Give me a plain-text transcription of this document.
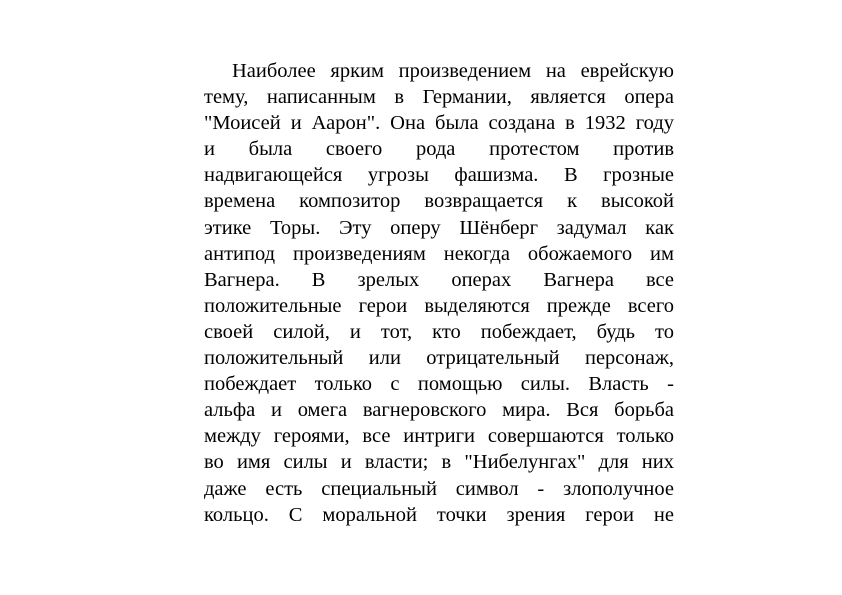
Наиболее ярким произведением на еврейскую
тему, написанным в Германии, является опера
"Моисей и Аарон". Она была создана в 1932 году
и была своего рода протестом против
надвигающейся угрозы фашизма. В грозные
времена композитор возвращается к высокой
этике Торы. Эту оперу Шёнберг задумал как
антипод произведениям некогда обожаемого им
Вагнера. В зрелых операх Вагнера все
положительные герои выделяются прежде всего
своей силой, и тот, кто побеждает, будь то
положительный или отрицательный персонаж,
побеждает только с помощью силы. Власть -
альфа и омега вагнеровского мира. Вся борьба
между героями, все интриги совершаются только
во имя силы и власти; в "Нибелунгах" для них
даже есть специальный символ - злополучное
кольцо. С моральной точки зрения герои не
